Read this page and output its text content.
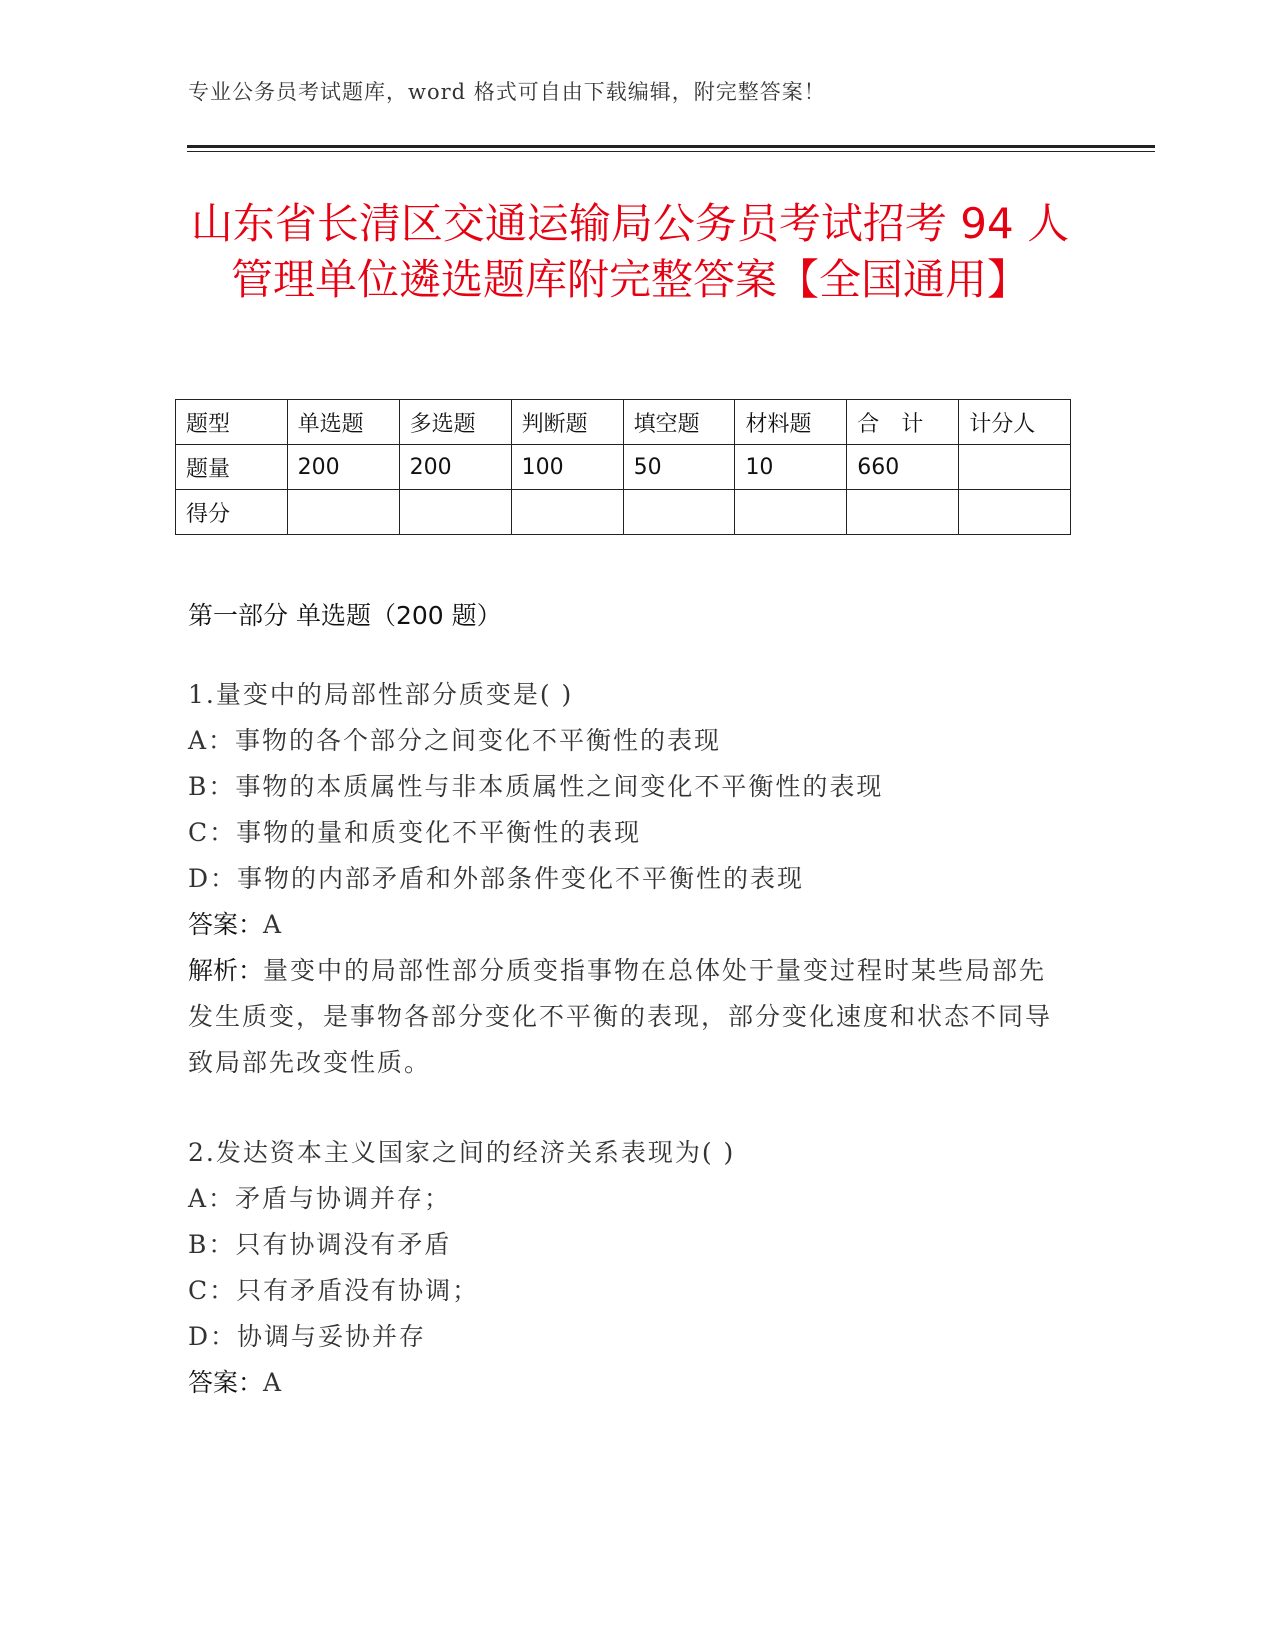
专业公务员考试题库，word 格式可自由下载编辑，附完整答案！
山东省长清区交通运输局公务员考试招考 94 人管理单位遴选题库附完整答案【全国通用】
题型	单选题	多选题	判断题	填空题	材料题	合　计	计分人
题量	200	200	100	50	10	660	
得分							
第一部分 单选题（200 题）
1.量变中的局部性部分质变是( )
A：事物的各个部分之间变化不平衡性的表现
B：事物的本质属性与非本质属性之间变化不平衡性的表现
C：事物的量和质变化不平衡性的表现
D：事物的内部矛盾和外部条件变化不平衡性的表现
答案：A
解析：量变中的局部性部分质变指事物在总体处于量变过程时某些局部先发生质变，是事物各部分变化不平衡的表现，部分变化速度和状态不同导致局部先改变性质。
2.发达资本主义国家之间的经济关系表现为( )
A：矛盾与协调并存；
B：只有协调没有矛盾
C：只有矛盾没有协调；
D：协调与妥协并存
答案：A
